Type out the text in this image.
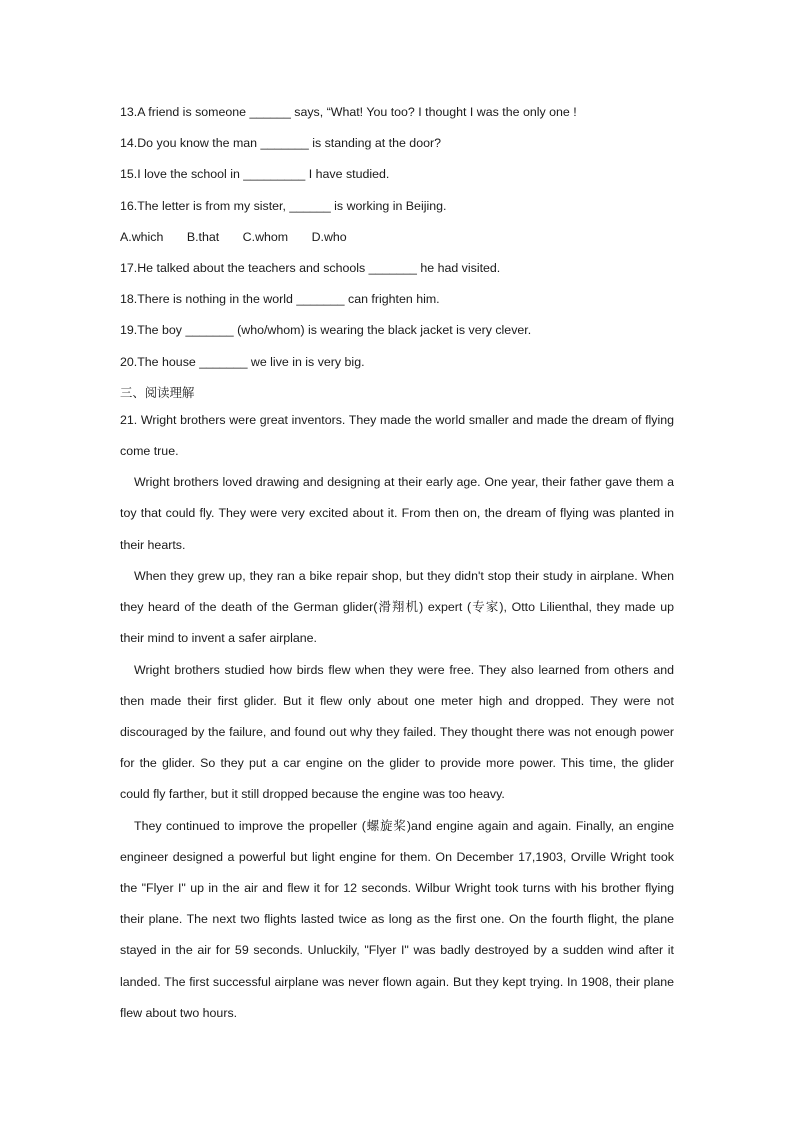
13.A friend is someone ______ says, “What! You too? I thought I was the only one !
14.Do you know the man _______ is standing at the door?
15.I love the school in _________ I have studied.
16.The letter is from my sister, ______ is working in Beijing.
A.which B.that C.whom D.who
17.He talked about the teachers and schools _______ he had visited.
18.There is nothing in the world _______ can frighten him.
19.The boy _______ (who/whom) is wearing the black jacket is very clever.
20.The house _______ we live in is very big.
三、阅读理解

21. Wright brothers were great inventors. They made the world smaller and made the dream of flying come true.

Wright brothers loved drawing and designing at their early age. One year, their father gave them a toy that could fly. They were very excited about it. From then on, the dream of flying was planted in their hearts.

When they grew up, they ran a bike repair shop, but they didn't stop their study in airplane. When they heard of the death of the German glider(滑翔机) expert (专家), Otto Lilienthal, they made up their mind to invent a safer airplane.

Wright brothers studied how birds flew when they were free. They also learned from others and then made their first glider. But it flew only about one meter high and dropped. They were not discouraged by the failure, and found out why they failed. They thought there was not enough power for the glider. So they put a car engine on the glider to provide more power. This time, the glider could fly farther, but it still dropped because the engine was too heavy.

They continued to improve the propeller (螺旋桨)and engine again and again. Finally, an engine engineer designed a powerful but light engine for them. On December 17,1903, Orville Wright took the "Flyer I" up in the air and flew it for 12 seconds. Wilbur Wright took turns with his brother flying their plane. The next two flights lasted twice as long as the first one. On the fourth flight, the plane stayed in the air for 59 seconds. Unluckily, "Flyer I" was badly destroyed by a sudden wind after it landed. The first successful airplane was never flown again. But they kept trying. In 1908, their plane flew about two hours.
